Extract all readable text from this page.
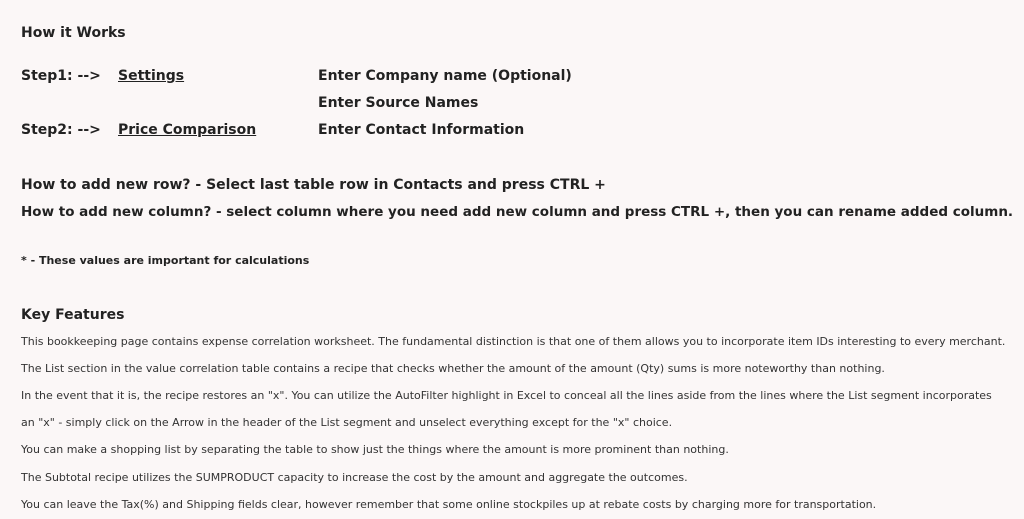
How it Works
Step1: --> Settings	Enter Company name (Optional)
Enter Source Names
Step2: --> Price Comparison	Enter Contact Information
How to add new row? - Select last table row in Contacts and press CTRL +
How to add new column? - select column where you need add new column and press CTRL +, then you can rename added column.
* - These values are important for calculations
Key Features
This bookkeeping page contains expense correlation worksheet. The fundamental distinction is that one of them allows you to incorporate item IDs interesting to every merchant.
The List section in the value correlation table contains a recipe that checks whether the amount of the amount (Qty) sums is more noteworthy than nothing.
In the event that it is, the recipe restores an "x". You can utilize the AutoFilter highlight in Excel to conceal all the lines aside from the lines where the List segment incorporates
an "x" - simply click on the Arrow in the header of the List segment and unselect everything except for the "x" choice.
You can make a shopping list by separating the table to show just the things where the amount is more prominent than nothing.
The Subtotal recipe utilizes the SUMPRODUCT capacity to increase the cost by the amount and aggregate the outcomes.
You can leave the Tax(%) and Shipping fields clear, however remember that some online stockpiles up at rebate costs by charging more for transportation.
